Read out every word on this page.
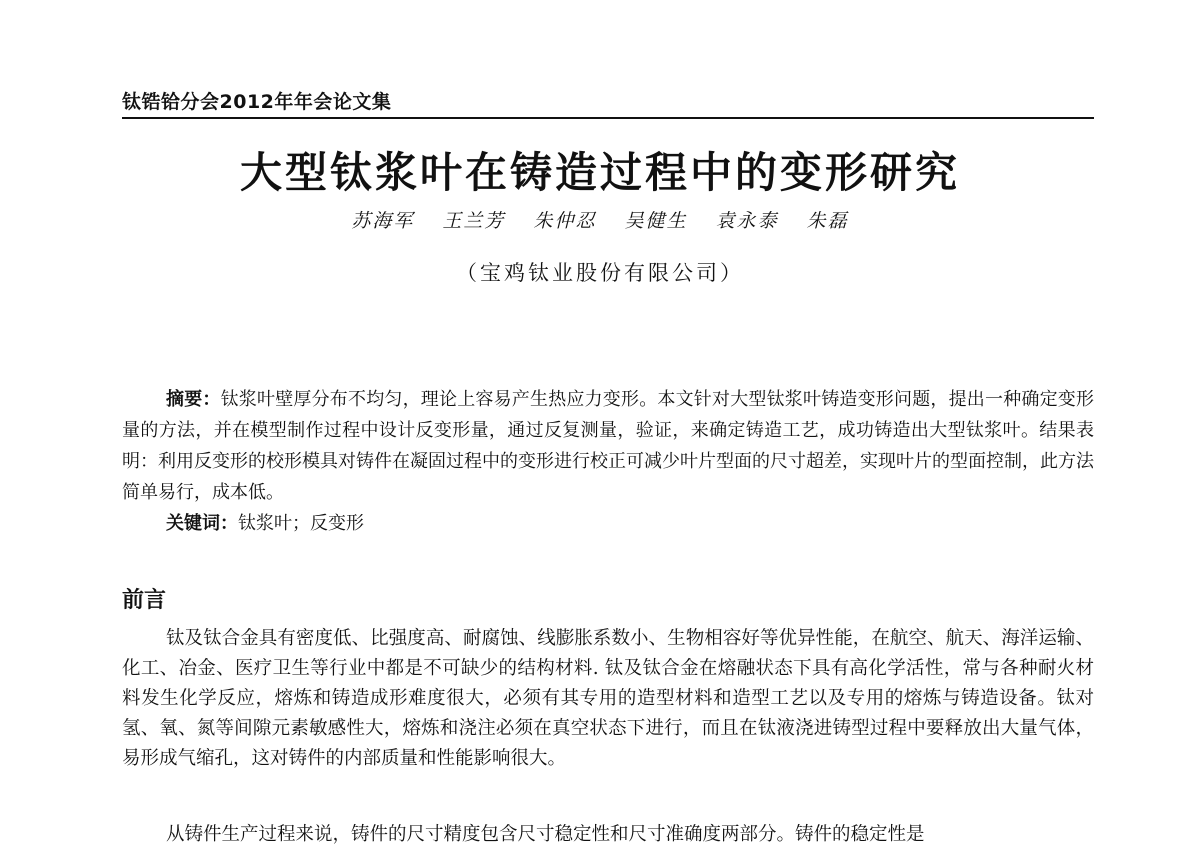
钛锆铪分会2012年年会论文集
大型钛浆叶在铸造过程中的变形研究
苏海军 王兰芳 朱仲忍 吴健生 袁永泰 朱磊
（宝鸡钛业股份有限公司）

摘要：钛浆叶壁厚分布不均匀，理论上容易产生热应力变形。本文针对大型钛浆叶铸造变形问题，提出一种确定变形量的方法，并在模型制作过程中设计反变形量，通过反复测量，验证，来确定铸造工艺，成功铸造出大型钛浆叶。结果表明：利用反变形的校形模具对铸件在凝固过程中的变形进行校正可减少叶片型面的尺寸超差，实现叶片的型面控制，此方法简单易行，成本低。

关键词：钛浆叶；反变形

前言

钛及钛合金具有密度低、比强度高、耐腐蚀、线膨胀系数小、生物相容好等优异性能，在航空、航天、海洋运输、化工、冶金、医疗卫生等行业中都是不可缺少的结构材料. 钛及钛合金在熔融状态下具有高化学活性，常与各种耐火材料发生化学反应，熔炼和铸造成形难度很大，必须有其专用的造型材料和造型工艺以及专用的熔炼与铸造设备。钛对氢、氧、氮等间隙元素敏感性大，熔炼和浇注必须在真空状态下进行，而且在钛液浇进铸型过程中要释放出大量气体，易形成气缩孔，这对铸件的内部质量和性能影响很大。

从铸件生产过程来说，铸件的尺寸精度包含尺寸稳定性和尺寸准确度两部分。铸件的稳定性是
